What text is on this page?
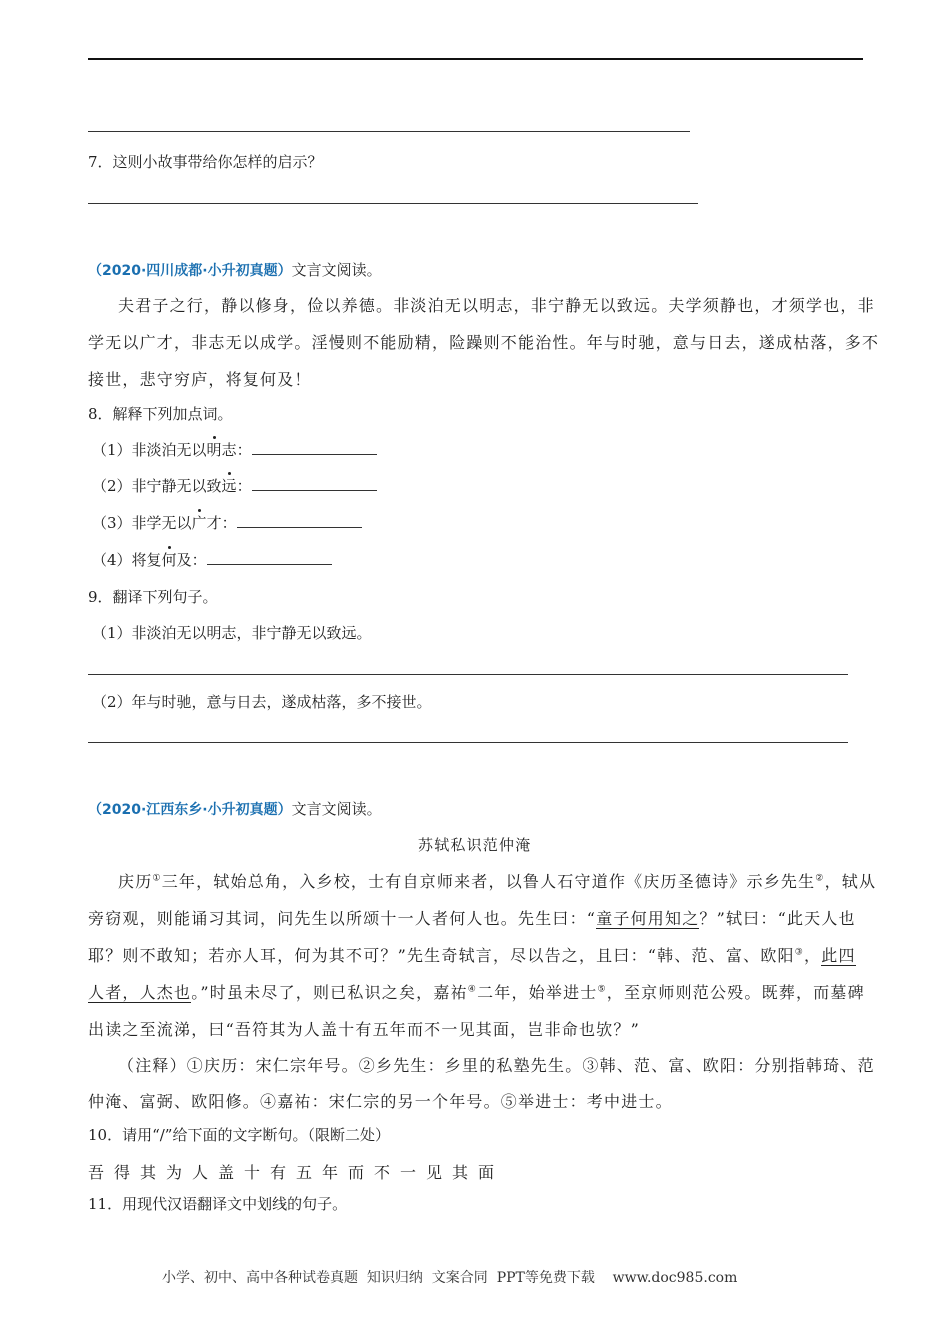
7．这则小故事带给你怎样的启示？
（2020·四川成都·小升初真题）文言文阅读。
夫君子之行，静以修身，俭以养德。非淡泊无以明志，非宁静无以致远。夫学须静也，才须学也，非
学无以广才，非志无以成学。淫慢则不能励精，险躁则不能治性。年与时驰，意与日去，遂成枯落，多不
接世，悲守穷庐，将复何及！
8．解释下列加点词。
（1）非淡泊无以明志：
（2）非宁静无以致远：
（3）非学无以广才：
（4）将复何及：
9．翻译下列句子。
（1）非淡泊无以明志，非宁静无以致远。
（2）年与时驰，意与日去，遂成枯落，多不接世。
（2020·江西东乡·小升初真题）文言文阅读。
苏轼私识范仲淹
庆历①三年，轼始总角，入乡校，士有自京师来者，以鲁人石守道作《庆历圣德诗》示乡先生②，轼从
旁窃观，则能诵习其词，问先生以所颂十一人者何人也。先生曰：“童子何用知之？”轼曰：“此天人也
耶？则不敢知；若亦人耳，何为其不可？”先生奇轼言，尽以告之，且曰：“韩、范、富、欧阳③，此四
人者，人杰也。”时虽未尽了，则已私识之矣，嘉祐④二年，始举进士⑤，至京师则范公殁。既葬，而墓碑
出读之至流涕，曰“吾符其为人盖十有五年而不一见其面，岂非命也欤？”
（注释）①庆历：宋仁宗年号。②乡先生：乡里的私塾先生。③韩、范、富、欧阳：分别指韩琦、范
仲淹、富弼、欧阳修。④嘉祐：宋仁宗的另一个年号。⑤举进士：考中进士。
10．请用“/”给下面的文字断句。（限断二处）
吾得其为人盖十有五年而不一见其面
11．用现代汉语翻译文中划线的句子。
小学、初中、高中各种试卷真题  知识归纳  文案合同  PPT等免费下载    www.doc985.com
